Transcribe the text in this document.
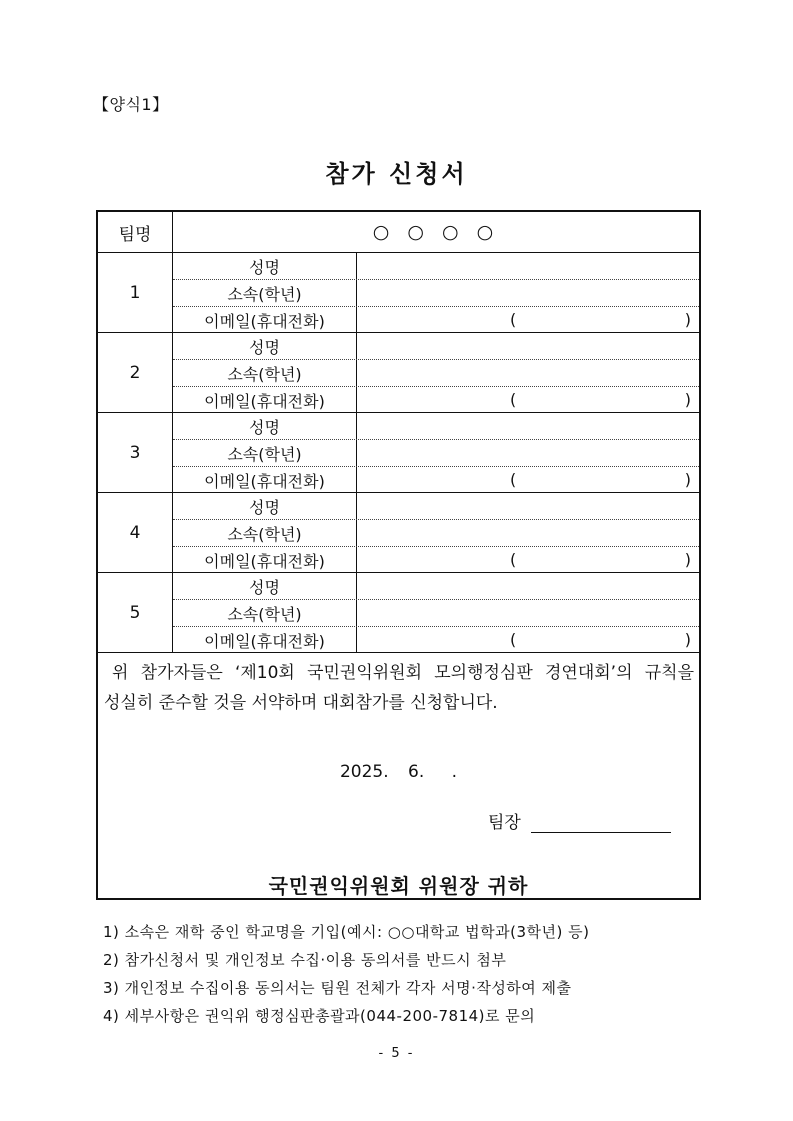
【양식1】
참가 신청서
팀명	○ ○ ○ ○
1
성명
소속(학년)
이메일(휴대전화)	(	)
2
성명
소속(학년)
이메일(휴대전화)	(	)
3
성명
소속(학년)
이메일(휴대전화)	(	)
4
성명
소속(학년)
이메일(휴대전화)	(	)
5
성명
소속(학년)
이메일(휴대전화)	(	)
위 참가자들은 ‘제10회 국민권익위원회 모의행정심판 경연대회’의 규칙을
성실히 준수할 것을 서약하며 대회참가를 신청합니다.
2025. 6. .
팀장
국민권익위원회 위원장 귀하
1) 소속은 재학 중인 학교명을 기입(예시: ○○대학교 법학과(3학년) 등)
2) 참가신청서 및 개인정보 수집·이용 동의서를 반드시 첨부
3) 개인정보 수집이용 동의서는 팀원 전체가 각자 서명·작성하여 제출
4) 세부사항은 권익위 행정심판총괄과(044-200-7814)로 문의
- 5 -
